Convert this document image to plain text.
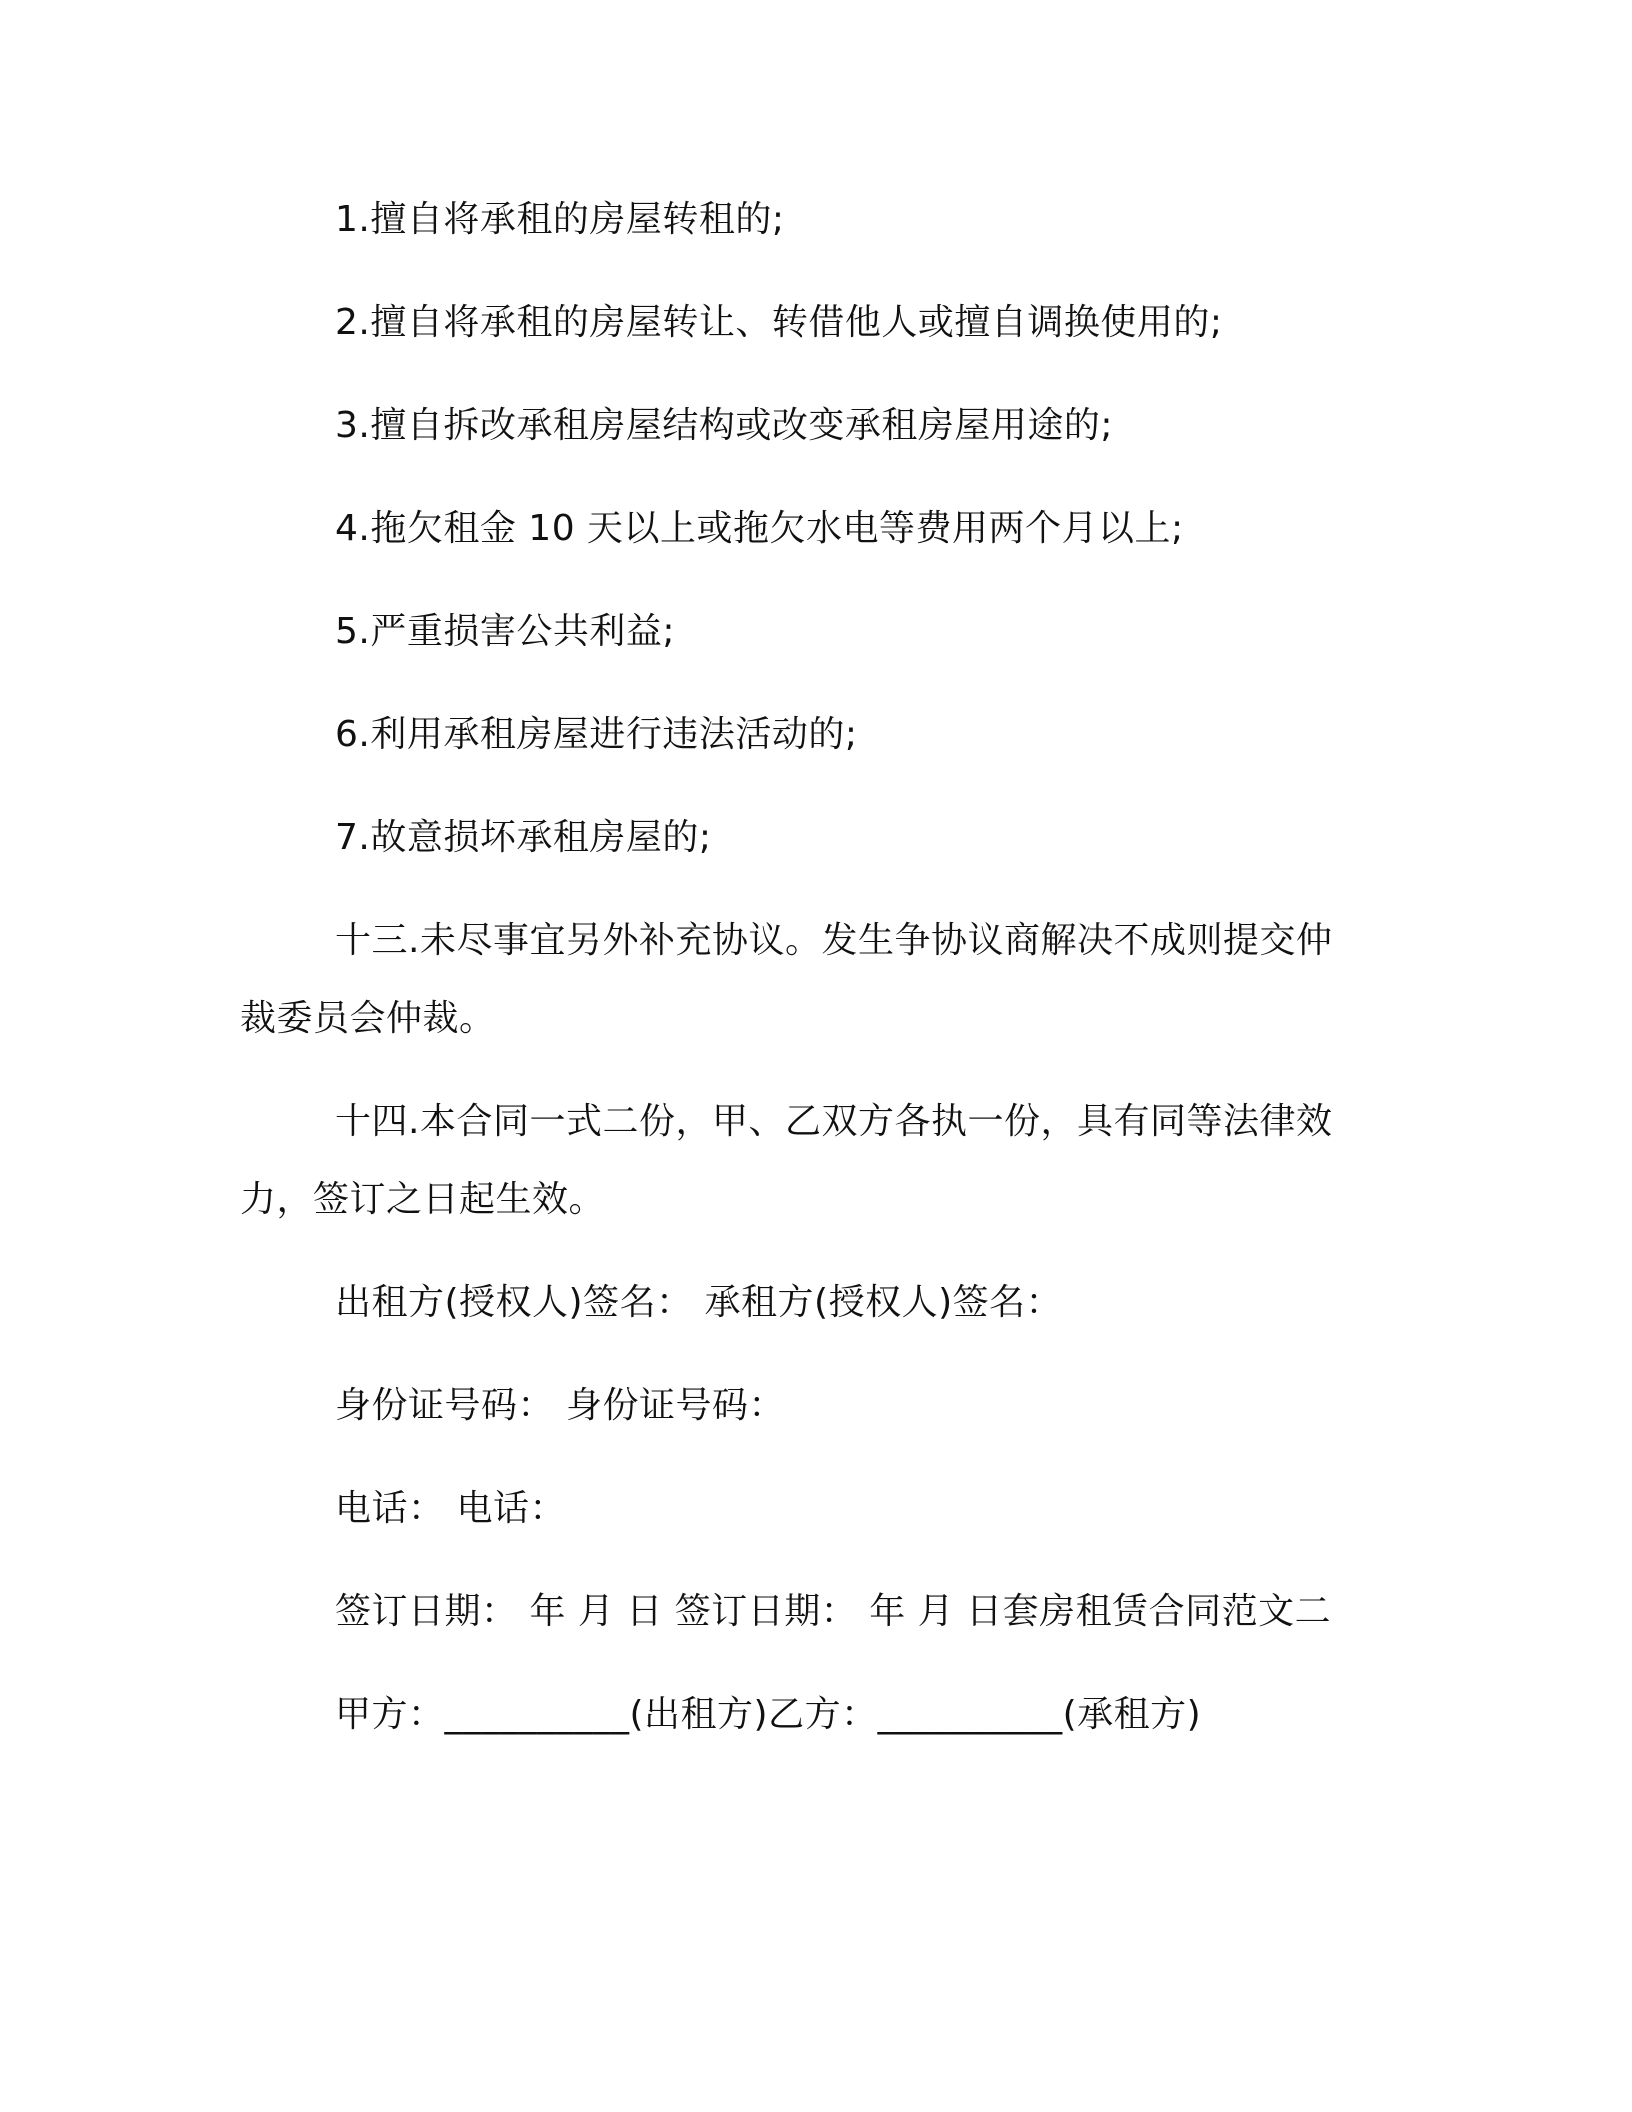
1.擅自将承租的房屋转租的;
2.擅自将承租的房屋转让、转借他人或擅自调换使用的;
3.擅自拆改承租房屋结构或改变承租房屋用途的;
4.拖欠租金 10 天以上或拖欠水电等费用两个月以上;
5.严重损害公共利益;
6.利用承租房屋进行违法活动的;
7.故意损坏承租房屋的;
十三.未尽事宜另外补充协议。发生争协议商解决不成则提交仲
裁委员会仲裁。
十四.本合同一式二份，甲、乙双方各执一份，具有同等法律效
力，签订之日起生效。
出租方(授权人)签名： 承租方(授权人)签名：
身份证号码： 身份证号码：
电话： 电话：
签订日期： 年 月 日 签订日期： 年 月 日套房租赁合同范文二
甲方：__________(出租方)乙方：__________(承租方)
